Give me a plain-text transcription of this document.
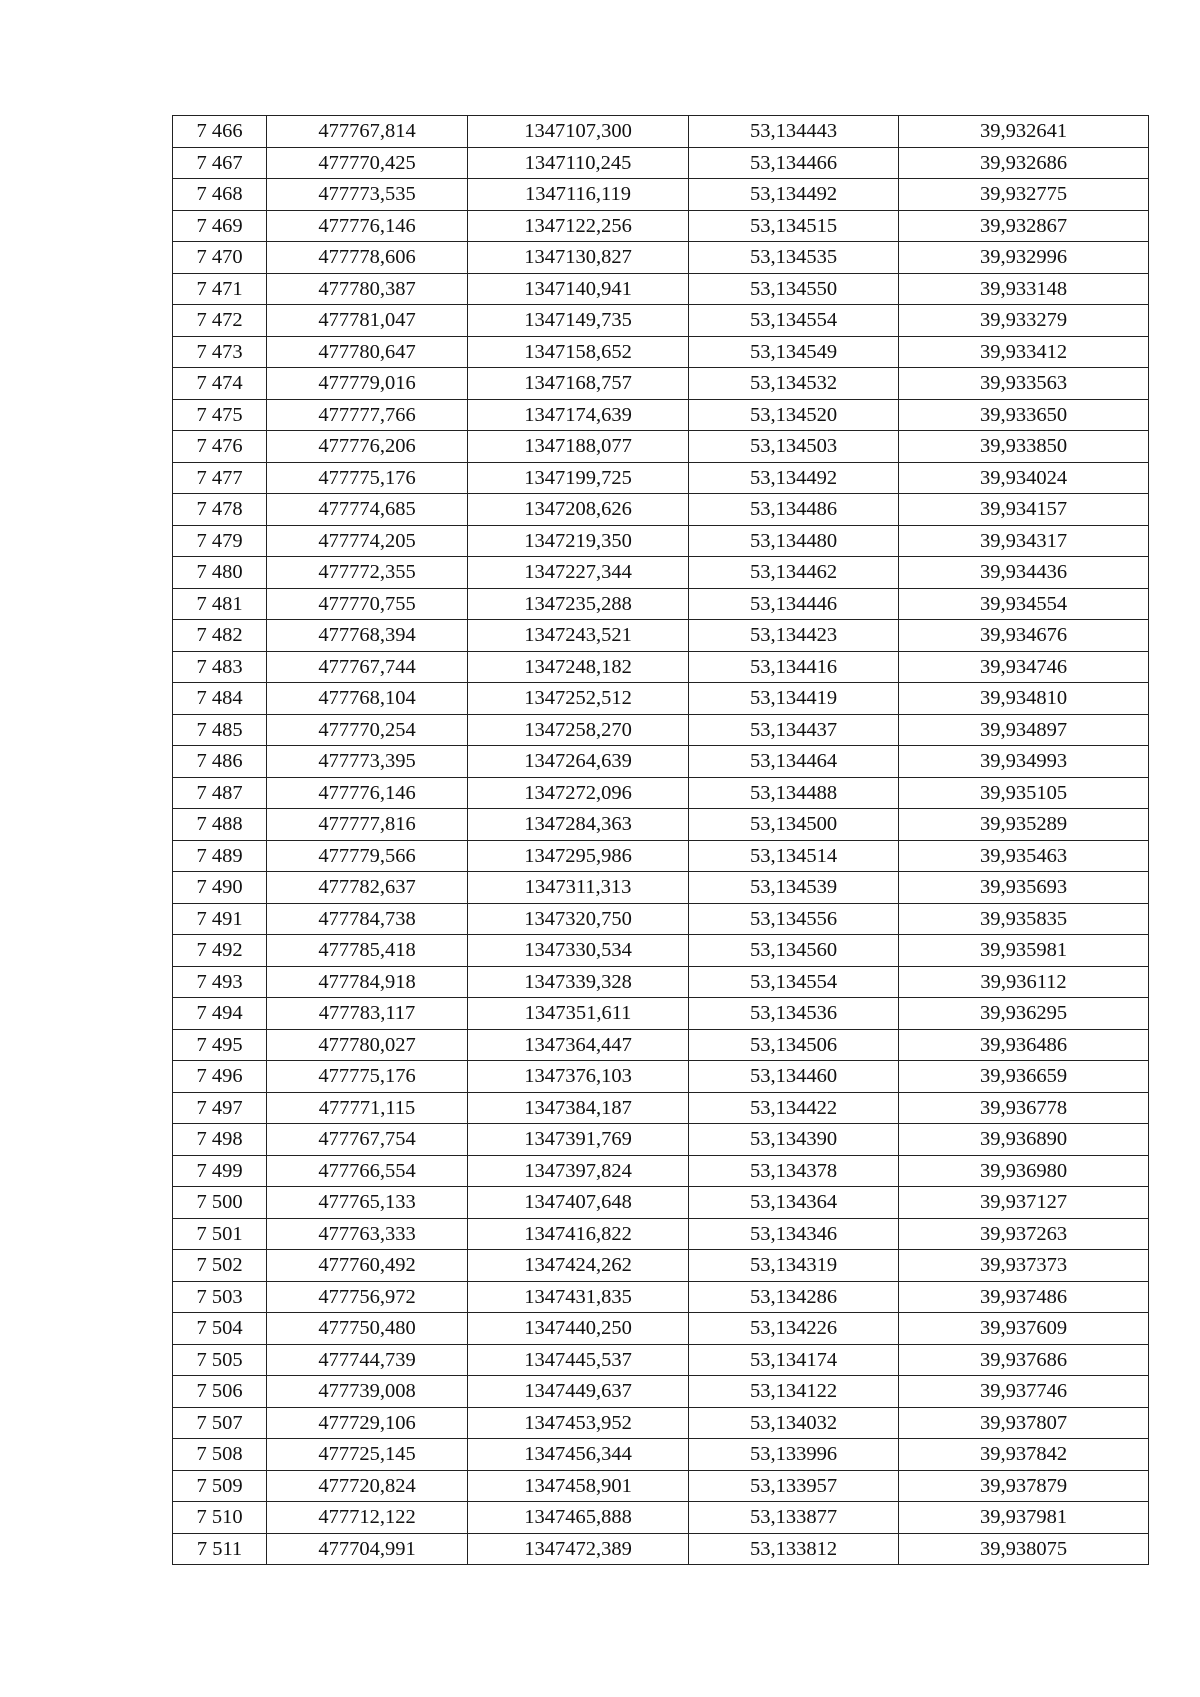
7 466	477767,814	1347107,300	53,134443	39,932641
7 467	477770,425	1347110,245	53,134466	39,932686
7 468	477773,535	1347116,119	53,134492	39,932775
7 469	477776,146	1347122,256	53,134515	39,932867
7 470	477778,606	1347130,827	53,134535	39,932996
7 471	477780,387	1347140,941	53,134550	39,933148
7 472	477781,047	1347149,735	53,134554	39,933279
7 473	477780,647	1347158,652	53,134549	39,933412
7 474	477779,016	1347168,757	53,134532	39,933563
7 475	477777,766	1347174,639	53,134520	39,933650
7 476	477776,206	1347188,077	53,134503	39,933850
7 477	477775,176	1347199,725	53,134492	39,934024
7 478	477774,685	1347208,626	53,134486	39,934157
7 479	477774,205	1347219,350	53,134480	39,934317
7 480	477772,355	1347227,344	53,134462	39,934436
7 481	477770,755	1347235,288	53,134446	39,934554
7 482	477768,394	1347243,521	53,134423	39,934676
7 483	477767,744	1347248,182	53,134416	39,934746
7 484	477768,104	1347252,512	53,134419	39,934810
7 485	477770,254	1347258,270	53,134437	39,934897
7 486	477773,395	1347264,639	53,134464	39,934993
7 487	477776,146	1347272,096	53,134488	39,935105
7 488	477777,816	1347284,363	53,134500	39,935289
7 489	477779,566	1347295,986	53,134514	39,935463
7 490	477782,637	1347311,313	53,134539	39,935693
7 491	477784,738	1347320,750	53,134556	39,935835
7 492	477785,418	1347330,534	53,134560	39,935981
7 493	477784,918	1347339,328	53,134554	39,936112
7 494	477783,117	1347351,611	53,134536	39,936295
7 495	477780,027	1347364,447	53,134506	39,936486
7 496	477775,176	1347376,103	53,134460	39,936659
7 497	477771,115	1347384,187	53,134422	39,936778
7 498	477767,754	1347391,769	53,134390	39,936890
7 499	477766,554	1347397,824	53,134378	39,936980
7 500	477765,133	1347407,648	53,134364	39,937127
7 501	477763,333	1347416,822	53,134346	39,937263
7 502	477760,492	1347424,262	53,134319	39,937373
7 503	477756,972	1347431,835	53,134286	39,937486
7 504	477750,480	1347440,250	53,134226	39,937609
7 505	477744,739	1347445,537	53,134174	39,937686
7 506	477739,008	1347449,637	53,134122	39,937746
7 507	477729,106	1347453,952	53,134032	39,937807
7 508	477725,145	1347456,344	53,133996	39,937842
7 509	477720,824	1347458,901	53,133957	39,937879
7 510	477712,122	1347465,888	53,133877	39,937981
7 511	477704,991	1347472,389	53,133812	39,938075
